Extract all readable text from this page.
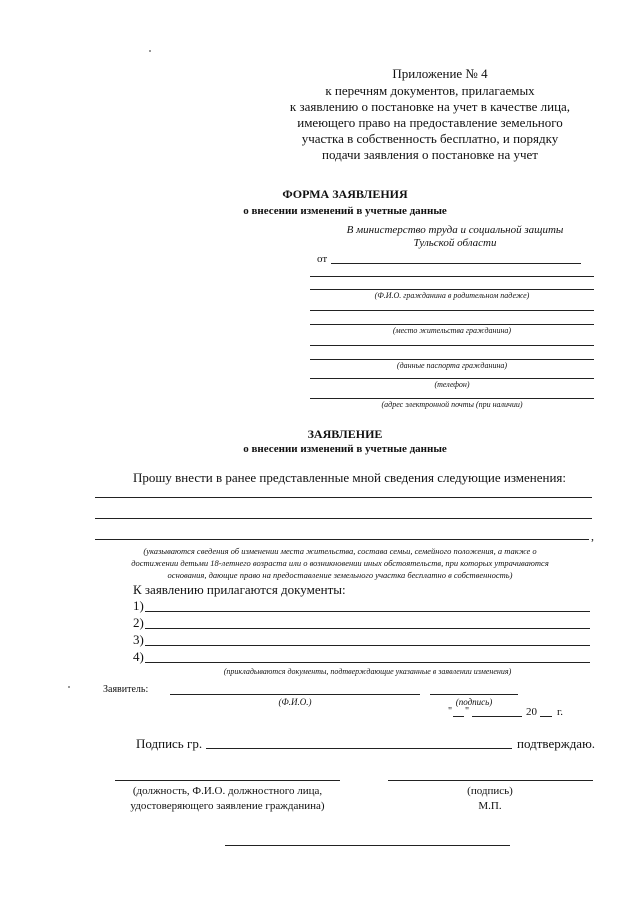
Приложение № 4
к перечням документов, прилагаемых
к заявлению о постановке на учет в качестве лица,
имеющего право на предоставление земельного
участка в собственность бесплатно, и порядку
подачи заявления о постановке на учет
ФОРМА ЗАЯВЛЕНИЯ
о внесении изменений в учетные данные
В министерство труда и социальной защиты
Тульской области
от
(Ф.И.О. гражданина в родительном падеже)
(место жительства гражданина)
(данные паспорта гражданина)
(телефон)
(адрес электронной почты (при наличии)
ЗАЯВЛЕНИЕ
о внесении изменений в учетные данные
Прошу внести в ранее представленные мной сведения следующие изменения:
,
(указываются сведения об изменении места жительства, состава семьи, семейного положения, а также о
достижении детьми 18-летнего возраста или о возникновении иных обстоятельств, при которых утрачиваются
основания, дающие право на предоставление земельного участка бесплатно в собственность)
К заявлению прилагаются документы:
1)
2)
3)
4)
(прикладываются документы, подтверждающие указанные в заявлении изменения)
Заявитель:
(Ф.И.О.)	(подпись)
" "	20 г.
Подпись гр.	подтверждаю.
(должность, Ф.И.О. должностного лица,
удостоверяющего заявление гражданина)
(подпись)
М.П.
